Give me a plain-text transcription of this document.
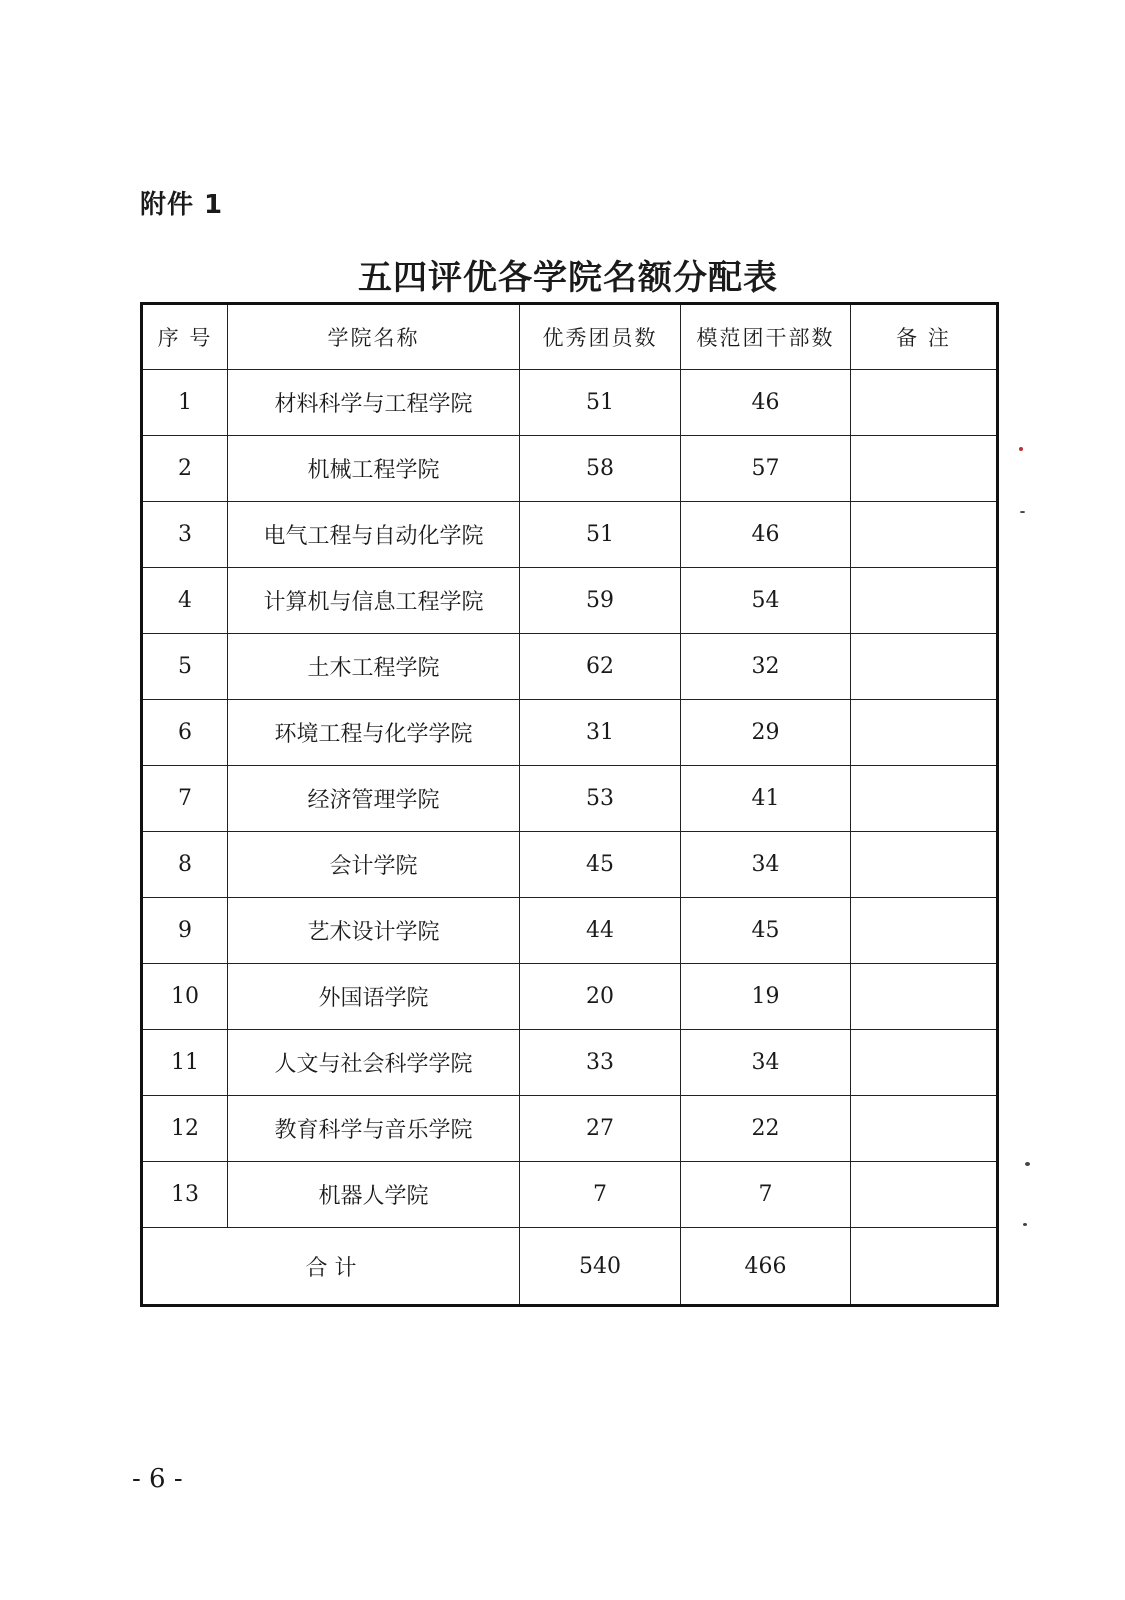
附件 1
五四评优各学院名额分配表
序 号	学院名称	优秀团员数	模范团干部数	备 注
1	材料科学与工程学院	51	46	
2	机械工程学院	58	57	
3	电气工程与自动化学院	51	46	
4	计算机与信息工程学院	59	54	
5	土木工程学院	62	32	
6	环境工程与化学学院	31	29	
7	经济管理学院	53	41	
8	会计学院	45	34	
9	艺术设计学院	44	45	
10	外国语学院	20	19	
11	人文与社会科学学院	33	34	
12	教育科学与音乐学院	27	22	
13	机器人学院	7	7	
合 计		540	466	
- 6 -
